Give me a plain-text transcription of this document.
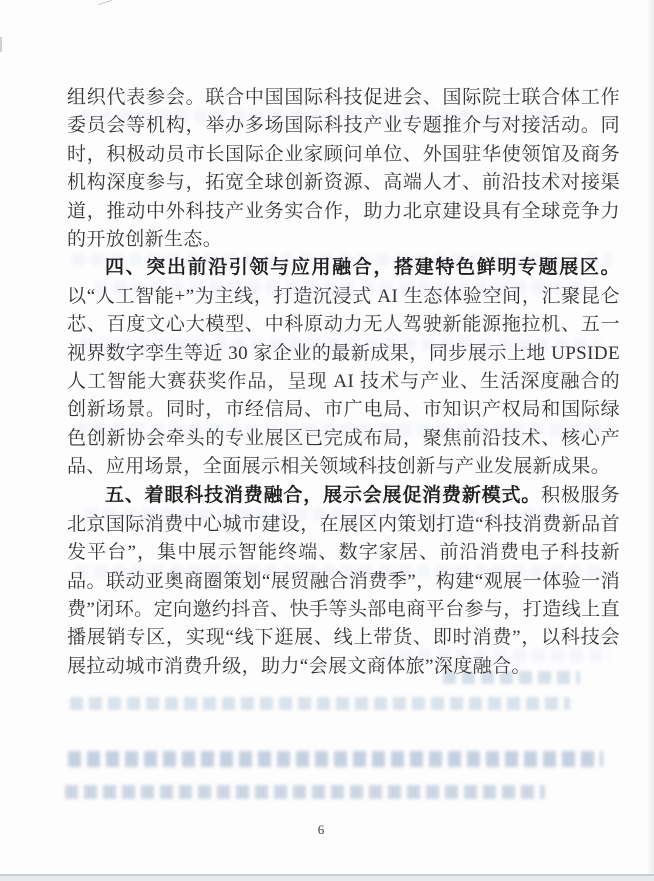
组织代表参会。联合中国国际科技促进会、国际院士联合体工作委员会等机构，举办多场国际科技产业专题推介与对接活动。同时，积极动员市长国际企业家顾问单位、外国驻华使领馆及商务机构深度参与，拓宽全球创新资源、高端人才、前沿技术对接渠道，推动中外科技产业务实合作，助力北京建设具有全球竞争力的开放创新生态。

四、突出前沿引领与应用融合，搭建特色鲜明专题展区。以“人工智能+”为主线，打造沉浸式 AI 生态体验空间，汇聚昆仑芯、百度文心大模型、中科原动力无人驾驶新能源拖拉机、五一视界数字孪生等近 30 家企业的最新成果，同步展示上地 UPSIDE 人工智能大赛获奖作品，呈现 AI 技术与产业、生活深度融合的创新场景。同时，市经信局、市广电局、市知识产权局和国际绿色创新协会牵头的专业展区已完成布局，聚焦前沿技术、核心产品、应用场景，全面展示相关领域科技创新与产业发展新成果。

五、着眼科技消费融合，展示会展促消费新模式。积极服务北京国际消费中心城市建设，在展区内策划打造“科技消费新品首发平台”，集中展示智能终端、数字家居、前沿消费电子科技新品。联动亚奥商圈策划“展贸融合消费季”，构建“观展一体验一消费”闭环。定向邀约抖音、快手等头部电商平台参与，打造线上直播展销专区，实现“线下逛展、线上带货、即时消费”，以科技会展拉动城市消费升级，助力“会展文商体旅”深度融合。

6
